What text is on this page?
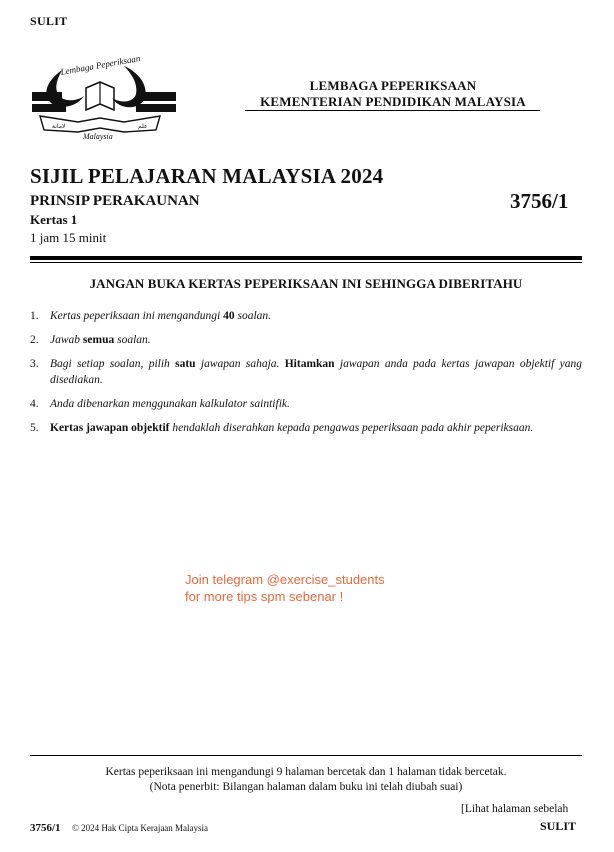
SULIT
ﻻﻣﺎﻧﺔ	ﻋﻠﻢ
Lembaga Peperiksaan
Malaysia
LEMBAGA PEPERIKSAAN
KEMENTERIAN PENDIDIKAN MALAYSIA
SIJIL PELAJARAN MALAYSIA 2024
PRINSIP PERAKAUNAN	3756/1
Kertas 1
1 jam 15 minit
JANGAN BUKA KERTAS PEPERIKSAAN INI SEHINGGA DIBERITAHU
1. Kertas peperiksaan ini mengandungi 40 soalan.
2. Jawab semua soalan.
3. Bagi setiap soalan, pilih satu jawapan sahaja. Hitamkan jawapan anda pada kertas jawapan objektif yang disediakan.
4. Anda dibenarkan menggunakan kalkulator saintifik.
5. Kertas jawapan objektif hendaklah diserahkan kepada pengawas peperiksaan pada akhir peperiksaan.
Join telegram @exercise_students
for more tips spm sebenar !
Kertas peperiksaan ini mengandungi 9 halaman bercetak dan 1 halaman tidak bercetak.
(Nota penerbit: Bilangan halaman dalam buku ini telah diubah suai)
[Lihat halaman sebelah
SULIT
3756/1 © 2024 Hak Cipta Kerajaan Malaysia
